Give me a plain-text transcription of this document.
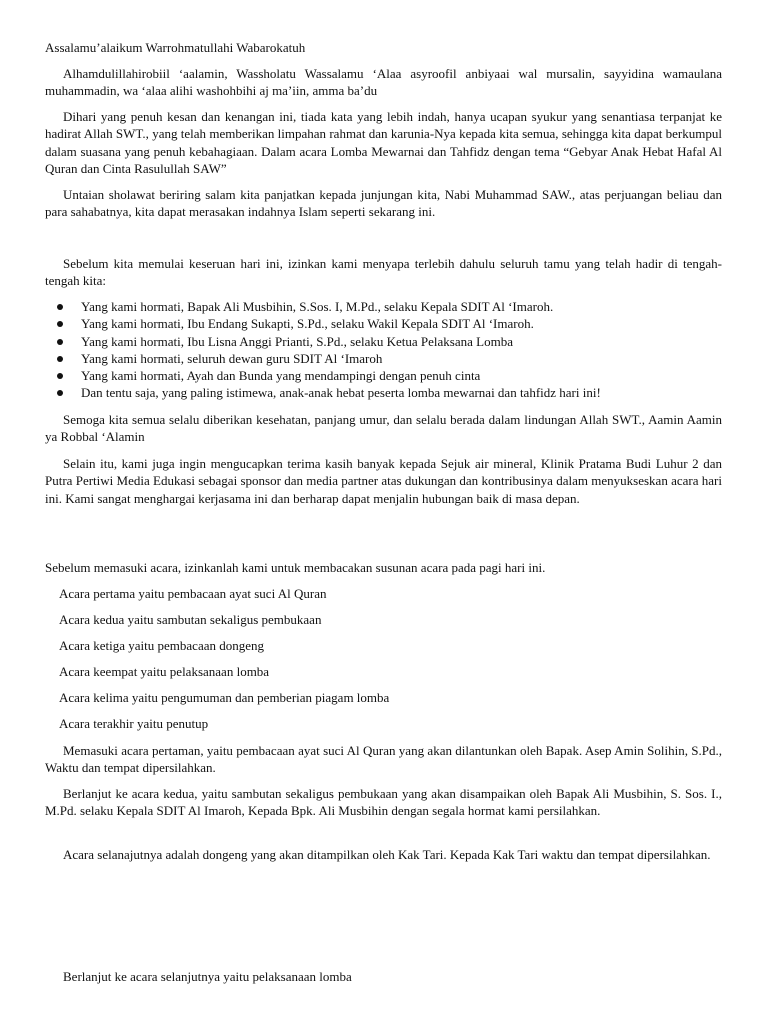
Assalamu’alaikum Warrohmatullahi Wabarokatuh

Alhamdulillahirobiil ‘aalamin, Wassholatu Wassalamu ‘Alaa asyroofil anbiyaai wal mursalin, sayyidina wamaulana muhammadin, wa ‘alaa alihi washohbihi aj ma’iin, amma ba’du

Dihari yang penuh kesan dan kenangan ini, tiada kata yang lebih indah, hanya ucapan syukur yang senantiasa terpanjat ke hadirat Allah SWT., yang telah memberikan limpahan rahmat dan karunia-Nya kepada kita semua, sehingga kita dapat berkumpul dalam suasana yang penuh kebahagiaan. Dalam acara Lomba Mewarnai dan Tahfidz dengan tema “Gebyar Anak Hebat Hafal Al Quran dan Cinta Rasulullah SAW”

Untaian sholawat beriring salam kita panjatkan kepada junjungan kita, Nabi Muhammad SAW., atas perjuangan beliau dan para sahabatnya, kita dapat merasakan indahnya Islam seperti sekarang ini.

Sebelum kita memulai keseruan hari ini, izinkan kami menyapa terlebih dahulu seluruh tamu yang telah hadir di tengah-tengah kita:

Yang kami hormati, Bapak Ali Musbihin, S.Sos. I, M.Pd., selaku Kepala SDIT Al ‘Imaroh.
Yang kami hormati, Ibu Endang Sukapti, S.Pd., selaku Wakil Kepala SDIT Al ‘Imaroh.
Yang kami hormati, Ibu Lisna Anggi Prianti, S.Pd., selaku Ketua Pelaksana Lomba
Yang kami hormati, seluruh dewan guru SDIT Al ‘Imaroh
Yang kami hormati, Ayah dan Bunda yang mendampingi dengan penuh cinta
Dan tentu saja, yang paling istimewa, anak-anak hebat peserta lomba mewarnai dan tahfidz hari ini!

Semoga kita semua selalu diberikan kesehatan, panjang umur, dan selalu berada dalam lindungan Allah SWT., Aamin Aamin ya Robbal ‘Alamin

Selain itu, kami juga ingin mengucapkan terima kasih banyak kepada Sejuk air mineral, Klinik Pratama Budi Luhur 2 dan Putra Pertiwi Media Edukasi sebagai sponsor dan media partner atas dukungan dan kontribusinya dalam menyukseskan acara hari ini. Kami sangat menghargai kerjasama ini dan berharap dapat menjalin hubungan baik di masa depan.

Sebelum memasuki acara, izinkanlah kami untuk membacakan susunan acara pada pagi hari ini.

Acara pertama yaitu pembacaan ayat suci Al Quran

Acara kedua yaitu sambutan sekaligus pembukaan

Acara ketiga yaitu pembacaan dongeng

Acara keempat yaitu pelaksanaan lomba

Acara kelima yaitu pengumuman dan pemberian piagam lomba

Acara terakhir yaitu penutup

Memasuki acara pertaman, yaitu pembacaan ayat suci Al Quran yang akan dilantunkan oleh Bapak. Asep Amin Solihin, S.Pd., Waktu dan tempat dipersilahkan.

Berlanjut ke acara kedua, yaitu sambutan sekaligus pembukaan yang akan disampaikan oleh Bapak Ali Musbihin, S. Sos. I., M.Pd. selaku Kepala SDIT Al Imaroh, Kepada Bpk. Ali Musbihin dengan segala hormat kami persilahkan.

Acara selanajutnya adalah dongeng yang akan ditampilkan oleh Kak Tari. Kepada Kak Tari waktu dan tempat dipersilahkan.

Berlanjut ke acara selanjutnya yaitu pelaksanaan lomba
